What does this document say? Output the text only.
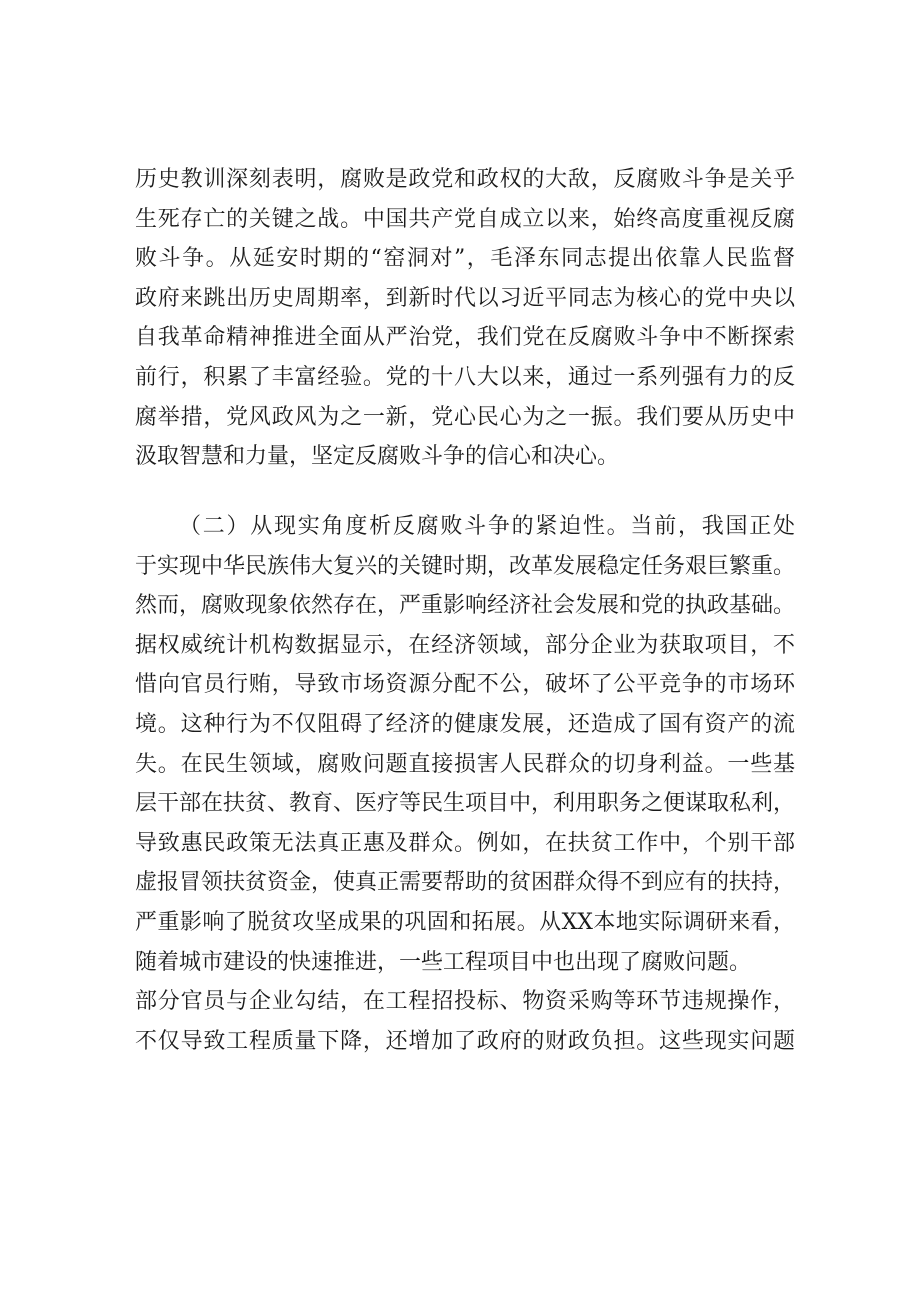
历史教训深刻表明，腐败是政党和政权的大敌，反腐败斗争是关乎
生死存亡的关键之战。中国共产党自成立以来，始终高度重视反腐
败斗争。从延安时期的“窑洞对”，毛泽东同志提出依靠人民监督
政府来跳出历史周期率，到新时代以习近平同志为核心的党中央以
自我革命精神推进全面从严治党，我们党在反腐败斗争中不断探索
前行，积累了丰富经验。党的十八大以来，通过一系列强有力的反
腐举措，党风政风为之一新，党心民心为之一振。我们要从历史中
汲取智慧和力量，坚定反腐败斗争的信心和决心。
（二）从现实角度析反腐败斗争的紧迫性。当前，我国正处
于实现中华民族伟大复兴的关键时期，改革发展稳定任务艰巨繁重。
然而，腐败现象依然存在，严重影响经济社会发展和党的执政基础。
据权威统计机构数据显示，在经济领域，部分企业为获取项目，不
惜向官员行贿，导致市场资源分配不公，破坏了公平竞争的市场环
境。这种行为不仅阻碍了经济的健康发展，还造成了国有资产的流
失。在民生领域，腐败问题直接损害人民群众的切身利益。一些基
层干部在扶贫、教育、医疗等民生项目中，利用职务之便谋取私利，
导致惠民政策无法真正惠及群众。例如，在扶贫工作中，个别干部
虚报冒领扶贫资金，使真正需要帮助的贫困群众得不到应有的扶持，
严重影响了脱贫攻坚成果的巩固和拓展。从XX本地实际调研来看，
随着城市建设的快速推进，一些工程项目中也出现了腐败问题。
部分官员与企业勾结，在工程招投标、物资采购等环节违规操作，
不仅导致工程质量下降，还增加了政府的财政负担。这些现实问题
